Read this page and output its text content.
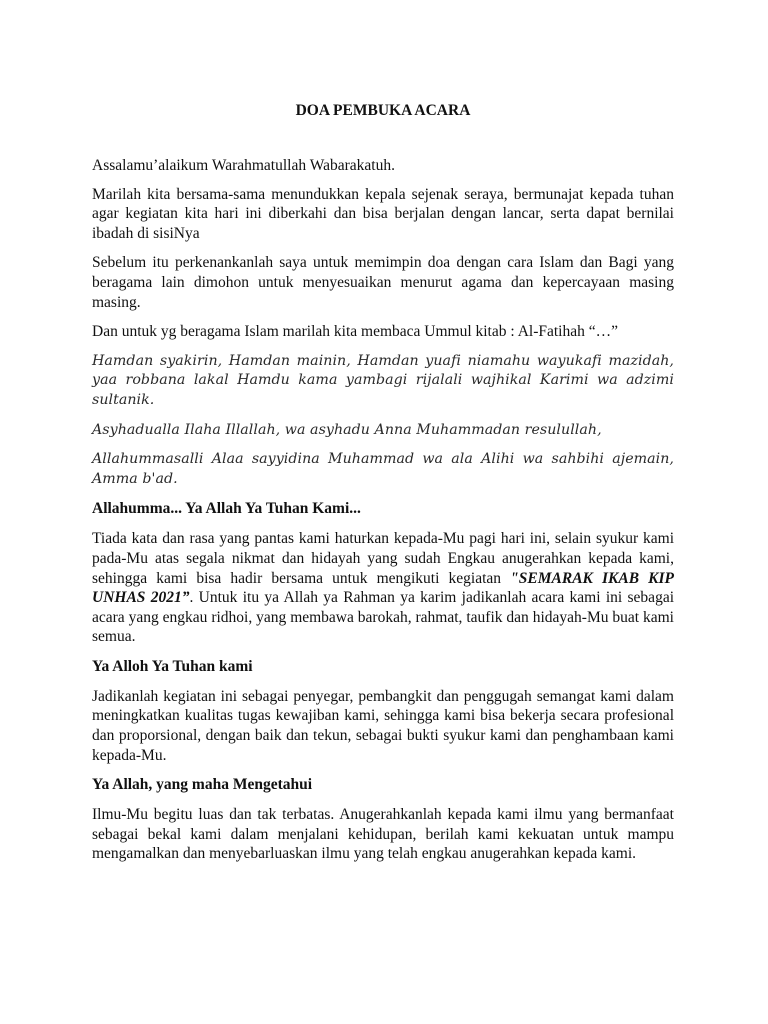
DOA PEMBUKA ACARA

Assalamu’alaikum Warahmatullah Wabarakatuh.

Marilah kita bersama-sama menundukkan kepala sejenak seraya, bermunajat kepada tuhan agar kegiatan kita hari ini diberkahi dan bisa berjalan dengan lancar, serta dapat bernilai ibadah di sisiNya

Sebelum itu perkenankanlah saya untuk memimpin doa dengan cara Islam dan Bagi yang beragama lain dimohon untuk menyesuaikan menurut agama dan kepercayaan masing masing.

Dan untuk yg beragama Islam marilah kita membaca Ummul kitab : Al-Fatihah “…”

Hamdan syakirin, Hamdan mainin, Hamdan yuafi niamahu wayukafi mazidah, yaa robbana lakal Hamdu kama yambagi rijalali wajhikal Karimi wa adzimi sultanik.

Asyhadualla Ilaha Illallah, wa asyhadu Anna Muhammadan resulullah,

Allahummasalli Alaa sayyidina Muhammad wa ala Alihi wa sahbihi ajemain, Amma b'ad.

Allahumma... Ya Allah Ya Tuhan Kami...

Tiada kata dan rasa yang pantas kami haturkan kepada-Mu pagi hari ini, selain syukur kami pada-Mu atas segala nikmat dan hidayah yang sudah Engkau anugerahkan kepada kami, sehingga kami bisa hadir bersama untuk mengikuti kegiatan "SEMARAK IKAB KIP UNHAS 2021”. Untuk itu ya Allah ya Rahman ya karim jadikanlah acara kami ini sebagai acara yang engkau ridhoi, yang membawa barokah, rahmat, taufik dan hidayah-Mu buat kami semua.

Ya Alloh Ya Tuhan kami

Jadikanlah kegiatan ini sebagai penyegar, pembangkit dan penggugah semangat kami dalam meningkatkan kualitas tugas kewajiban kami, sehingga kami bisa bekerja secara profesional dan proporsional, dengan baik dan tekun, sebagai bukti syukur kami dan penghambaan kami kepada-Mu.

Ya Allah, yang maha Mengetahui

Ilmu-Mu begitu luas dan tak terbatas. Anugerahkanlah kepada kami ilmu yang bermanfaat sebagai bekal kami dalam menjalani kehidupan, berilah kami kekuatan untuk mampu mengamalkan dan menyebarluaskan ilmu yang telah engkau anugerahkan kepada kami.
